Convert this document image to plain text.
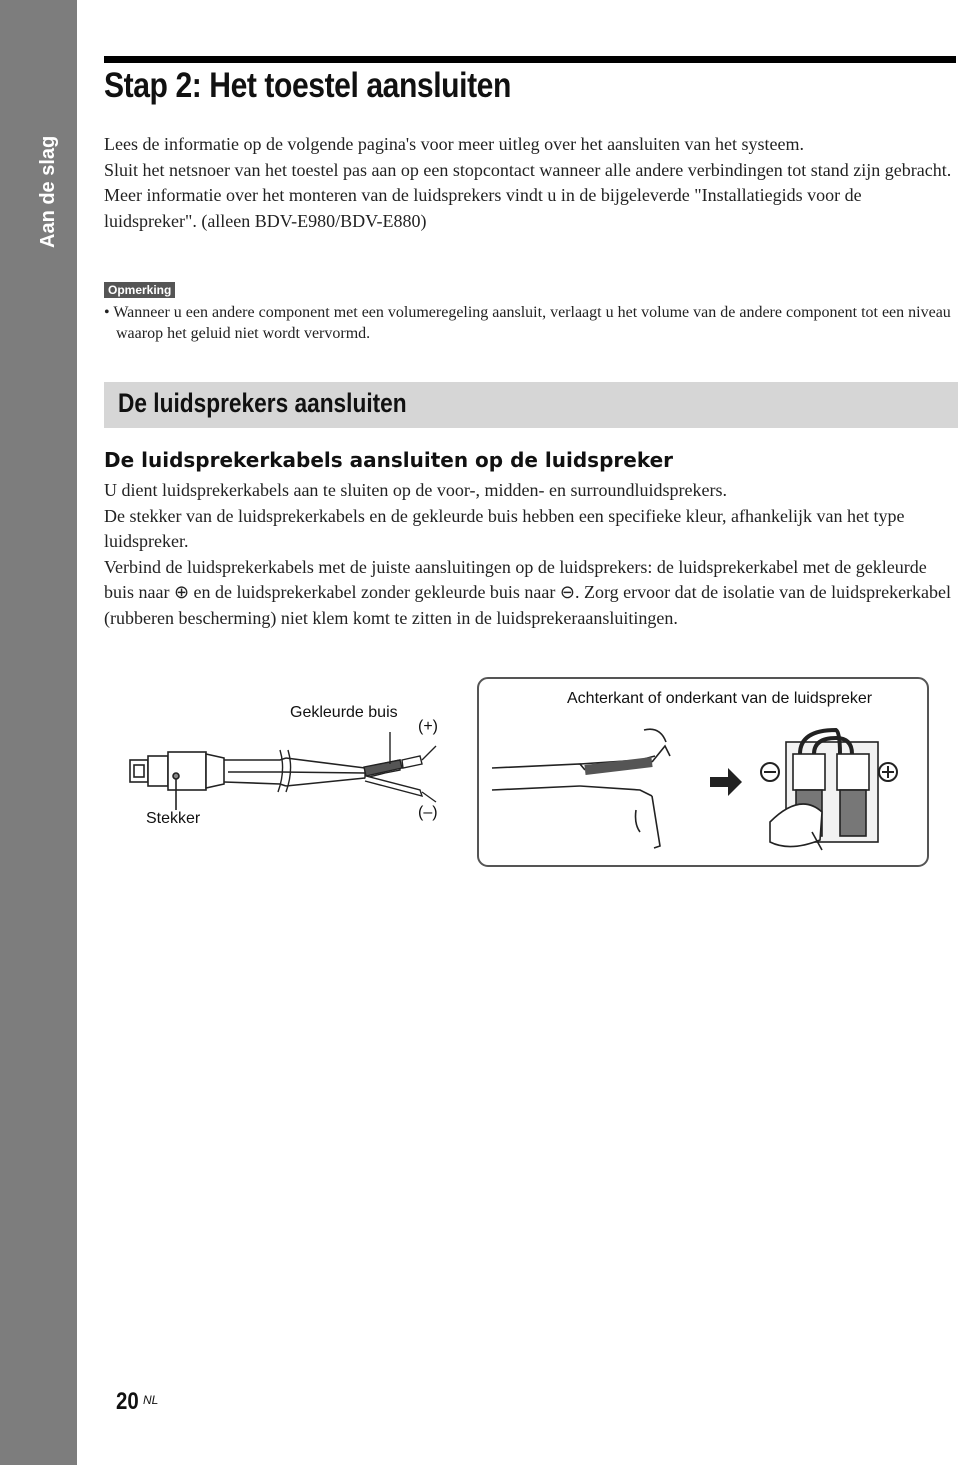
Aan de slag
Stap 2: Het toestel aansluiten

Lees de informatie op de volgende pagina's voor meer uitleg over het aansluiten van het systeem.

Sluit het netsnoer van het toestel pas aan op een stopcontact wanneer alle andere verbindingen tot stand zijn gebracht.

Meer informatie over het monteren van de luidsprekers vindt u in de bijgeleverde "Installatiegids voor de luidspreker". (alleen BDV-E980/BDV-E880)

Opmerking

• Wanneer u een andere component met een volumeregeling aansluit, verlaagt u het volume van de andere component tot een niveau waarop het geluid niet wordt vervormd.

De luidsprekers aansluiten
De luidsprekerkabels aansluiten op de luidspreker

U dient luidsprekerkabels aan te sluiten op de voor-, midden- en surroundluidsprekers.

De stekker van de luidsprekerkabels en de gekleurde buis hebben een specifieke kleur, afhankelijk van het type luidspreker.

Verbind de luidsprekerkabels met de juiste aansluitingen op de luidsprekers: de luidsprekerkabel met de gekleurde buis naar ⊕ en de luidsprekerkabel zonder gekleurde buis naar ⊖. Zorg ervoor dat de isolatie van de luidsprekerkabel (rubberen bescherming) niet klem komt te zitten in de luidsprekeraansluitingen.

Gekleurde buis
(+)
(–)
Stekker
Achterkant of onderkant van de luidspreker
20 NL
